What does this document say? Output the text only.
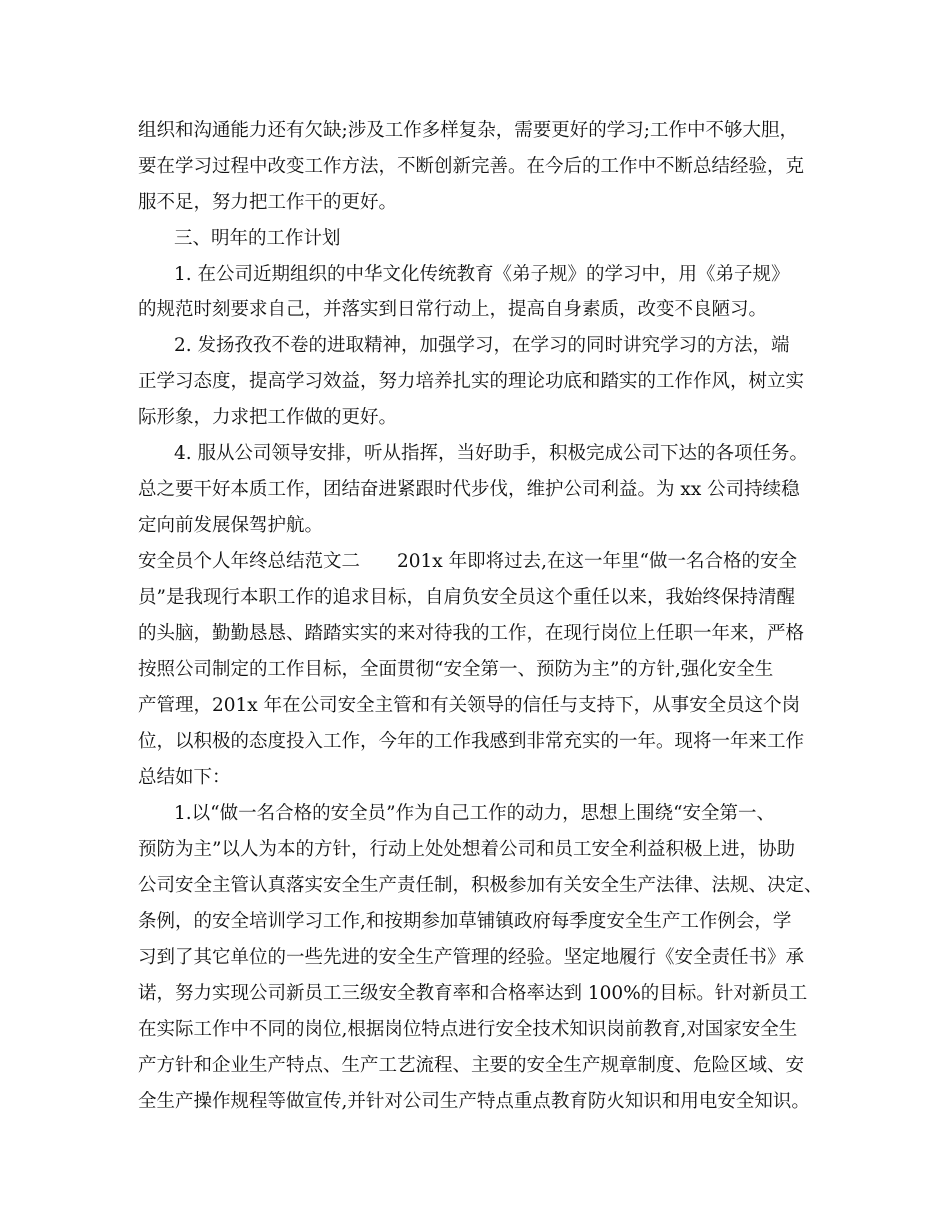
组织和沟通能力还有欠缺;涉及工作多样复杂，需要更好的学习;工作中不够大胆，
要在学习过程中改变工作方法，不断创新完善。在今后的工作中不断总结经验，克
服不足，努力把工作干的更好。
三、明年的工作计划
1. 在公司近期组织的中华文化传统教育《弟子规》的学习中，用《弟子规》
的规范时刻要求自己，并落实到日常行动上，提高自身素质，改变不良陋习。
2. 发扬孜孜不卷的进取精神，加强学习，在学习的同时讲究学习的方法，端
正学习态度，提高学习效益，努力培养扎实的理论功底和踏实的工作作风，树立实
际形象，力求把工作做的更好。
4. 服从公司领导安排，听从指挥，当好助手，积极完成公司下达的各项任务。
总之要干好本质工作，团结奋进紧跟时代步伐，维护公司利益。为 xx 公司持续稳
定向前发展保驾护航。
安全员个人年终总结范文二　　201x 年即将过去,在这一年里“做一名合格的安全
员”是我现行本职工作的追求目标，自肩负安全员这个重任以来，我始终保持清醒
的头脑，勤勤恳恳、踏踏实实的来对待我的工作，在现行岗位上任职一年来，严格
按照公司制定的工作目标，全面贯彻“安全第一、预防为主”的方针,强化安全生
产管理，201x 年在公司安全主管和有关领导的信任与支持下，从事安全员这个岗
位，以积极的态度投入工作，今年的工作我感到非常充实的一年。现将一年来工作
总结如下：
1.以“做一名合格的安全员”作为自己工作的动力，思想上围绕“安全第一、
预防为主”以人为本的方针，行动上处处想着公司和员工安全利益积极上进，协助
公司安全主管认真落实安全生产责任制，积极参加有关安全生产法律、法规、决定、
条例，的安全培训学习工作,和按期参加草铺镇政府每季度安全生产工作例会，学
习到了其它单位的一些先进的安全生产管理的经验。坚定地履行《安全责任书》承
诺，努力实现公司新员工三级安全教育率和合格率达到 100%的目标。针对新员工
在实际工作中不同的岗位,根据岗位特点进行安全技术知识岗前教育,对国家安全生
产方针和企业生产特点、生产工艺流程、主要的安全生产规章制度、危险区域、安
全生产操作规程等做宣传,并针对公司生产特点重点教育防火知识和用电安全知识。
